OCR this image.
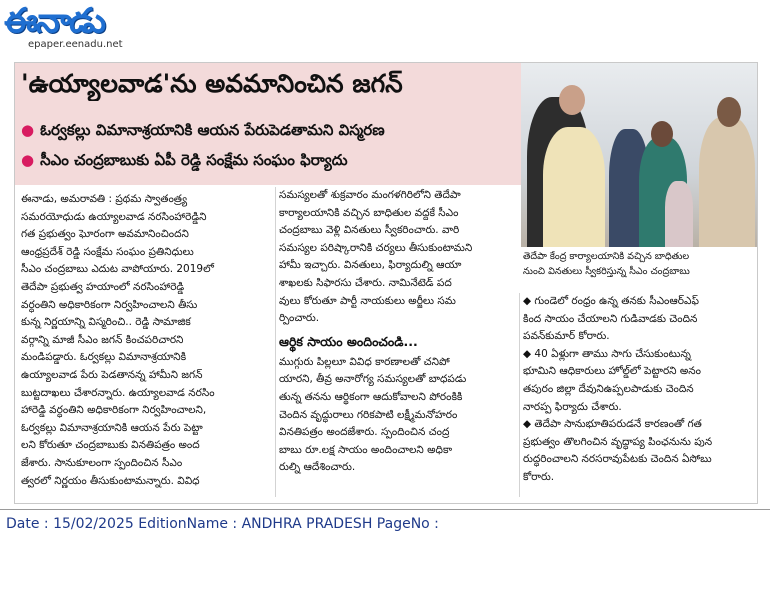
ఈనాడు
epaper.eenadu.net
'ఉయ్యాలవాడ'ను అవమానించిన జగన్
● ఓర్వకల్లు విమానాశ్రయానికి ఆయన పేరుపెడతామని విస్మరణ
● సీఎం చంద్రబాబుకు ఏపీ రెడ్డి సంక్షేమ సంఘం ఫిర్యాదు
తెదేపా కేంద్ర కార్యాలయానికి వచ్చిన బాధితుల
నుంచి వినతులు స్వీకరిస్తున్న సీఎం చంద్రబాబు

ఈనాడు, అమరావతి : ప్రథమ స్వాతంత్ర్య

సమరయోధుడు ఉయ్యాలవాడ నరసింహారెడ్డిని

గత ప్రభుత్వం ఘోరంగా అవమానించిందని

ఆంధ్రప్రదేశ్ రెడ్డి సంక్షేమ సంఘం ప్రతినిధులు

సీఎం చంద్రబాబు ఎదుట వాపోయారు. 2019లో

తెదేపా ప్రభుత్వ హయాంలో నరసింహారెడ్డి

వర్ధంతిని అధికారికంగా నిర్వహించాలని తీసు

కున్న నిర్ణయాన్ని విస్మరించి.. రెడ్డి సామాజిక

వర్గాన్ని మాజీ సీఎం జగన్ కించపరిచారని

మండిపడ్డారు. ఓర్వకల్లు విమానాశ్రయానికి

ఉయ్యాలవాడ పేరు పెడతానన్న హామీని జగన్

బుట్టదాఖలు చేశారన్నారు. ఉయ్యాలవాడ నరసిం

హారెడ్డి వర్ధంతిని అధికారికంగా నిర్వహించాలని,

ఓర్వకల్లు విమానాశ్రయానికి ఆయన పేరు పెట్టా

లని కోరుతూ చంద్రబాబుకు వినతిపత్రం అంద

జేశారు. సానుకూలంగా స్పందించిన సీఎం

త్వరలో నిర్ణయం తీసుకుంటామన్నారు. వివిధ

సమస్యలతో శుక్రవారం మంగళగిరిలోని తెదేపా

కార్యాలయానికి వచ్చిన బాధితుల వద్దకే సీఎం

చంద్రబాబు వెళ్లి వినతులు స్వీకరించారు. వారి

సమస్యల పరిష్కారానికి చర్యలు తీసుకుంటామని

హామీ ఇచ్చారు. వినతులు, ఫిర్యాదుల్ని ఆయా

శాఖలకు సిఫారసు చేశారు. నామినేటెడ్ పద

వులు కోరుతూ పార్టీ నాయకులు అర్జీలు సమ

ర్పించారు.

ఆర్థిక సాయం అందించండి...

ముగ్గురు పిల్లలూ వివిధ కారణాలతో చనిపో

యారని, తీవ్ర అనారోగ్య సమస్యలతో బాధపడు

తున్న తనను ఆర్థికంగా ఆదుకోవాలని పోరంకికి

చెందిన వృద్ధురాలు గరికపాటి లక్ష్మీమనోహరం

వినతిపత్రం అందజేశారు. స్పందించిన చంద్ర

బాబు రూ.లక్ష సాయం అందించాలని అధికా

రుల్ని ఆదేశించారు.

◆ గుండెలో రంధ్రం ఉన్న తనకు సీఎంఆర్ఎఫ్

కింద సాయం చేయాలని గుడివాడకు చెందిన

పవన్‌కుమార్ కోరారు.

◆ 40 ఏళ్లుగా తాము సాగు చేసుకుంటున్న

భూమిని ఆధికారులు హోల్డ్‌లో పెట్టారని అనం

తపురం జిల్లా దేవునిఉప్పలపాడుకు చెందిన

నారప్ప ఫిర్యాదు చేశారు.

◆ తెదేపా సానుభూతిపరుడనే కారణంతో గత

ప్రభుత్వం తొలగించిన వృద్ధాప్య పింఛనును పున

రుద్ధరించాలని నరసరావుపేటకు చెందిన ఏసోబు

కోరారు.

Date : 15/02/2025 EditionName : ANDHRA PRADESH PageNo :
